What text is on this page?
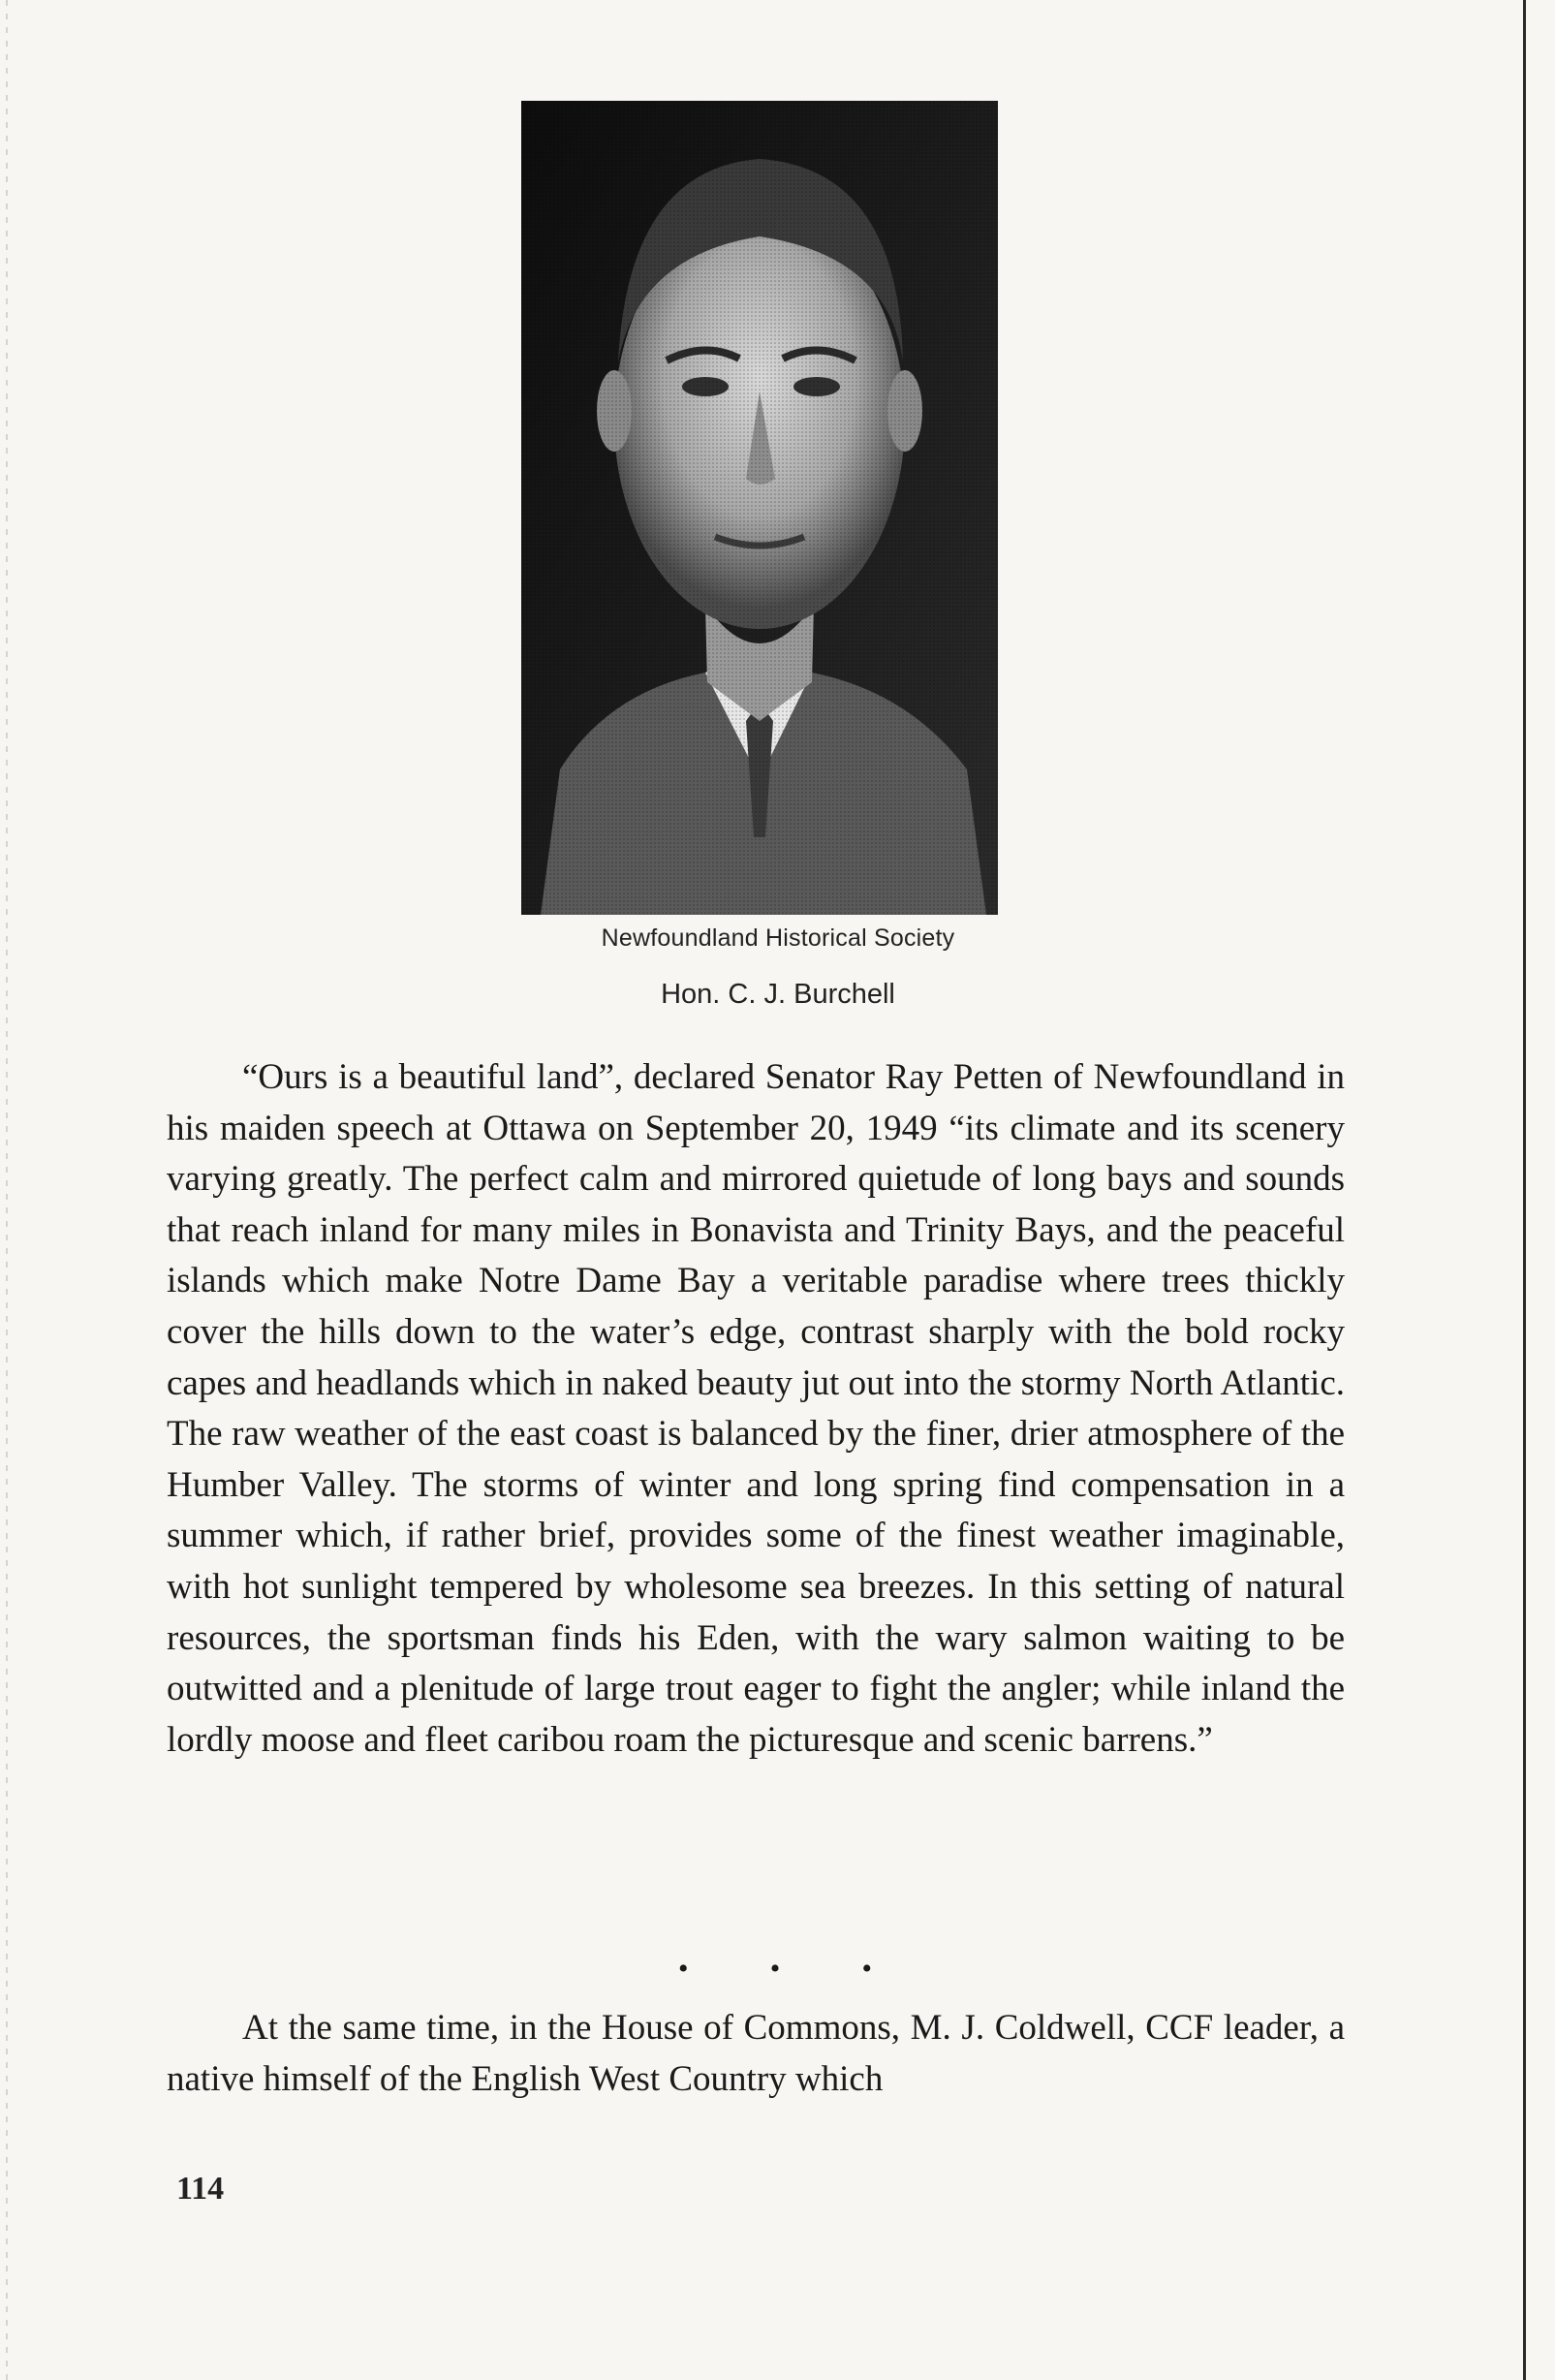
Newfoundland Historical Society
Hon. C. J. Burchell

“Ours is a beautiful land”, declared Senator Ray Petten of Newfoundland in his maiden speech at Ottawa on September 20, 1949 “its climate and its scenery varying greatly. The perfect calm and mirrored quietude of long bays and sounds that reach inland for many miles in Bonavista and Trinity Bays, and the peaceful islands which make Notre Dame Bay a veritable paradise where trees thickly cover the hills down to the water’s edge, contrast sharply with the bold rocky capes and headlands which in naked beauty jut out into the stormy North Atlantic. The raw weather of the east coast is balanced by the finer, drier atmosphere of the Humber Valley. The storms of winter and long spring find compensation in a summer which, if rather brief, provides some of the finest weather imaginable, with hot sunlight tempered by wholesome sea breezes. In this setting of natural resources, the sportsman finds his Eden, with the wary salmon waiting to be outwitted and a plenitude of large trout eager to fight the angler; while inland the lordly moose and fleet caribou roam the picturesque and scenic barrens.”

•	•	•

At the same time, in the House of Commons, M. J. Coldwell, CCF leader, a native himself of the English West Country which

114
